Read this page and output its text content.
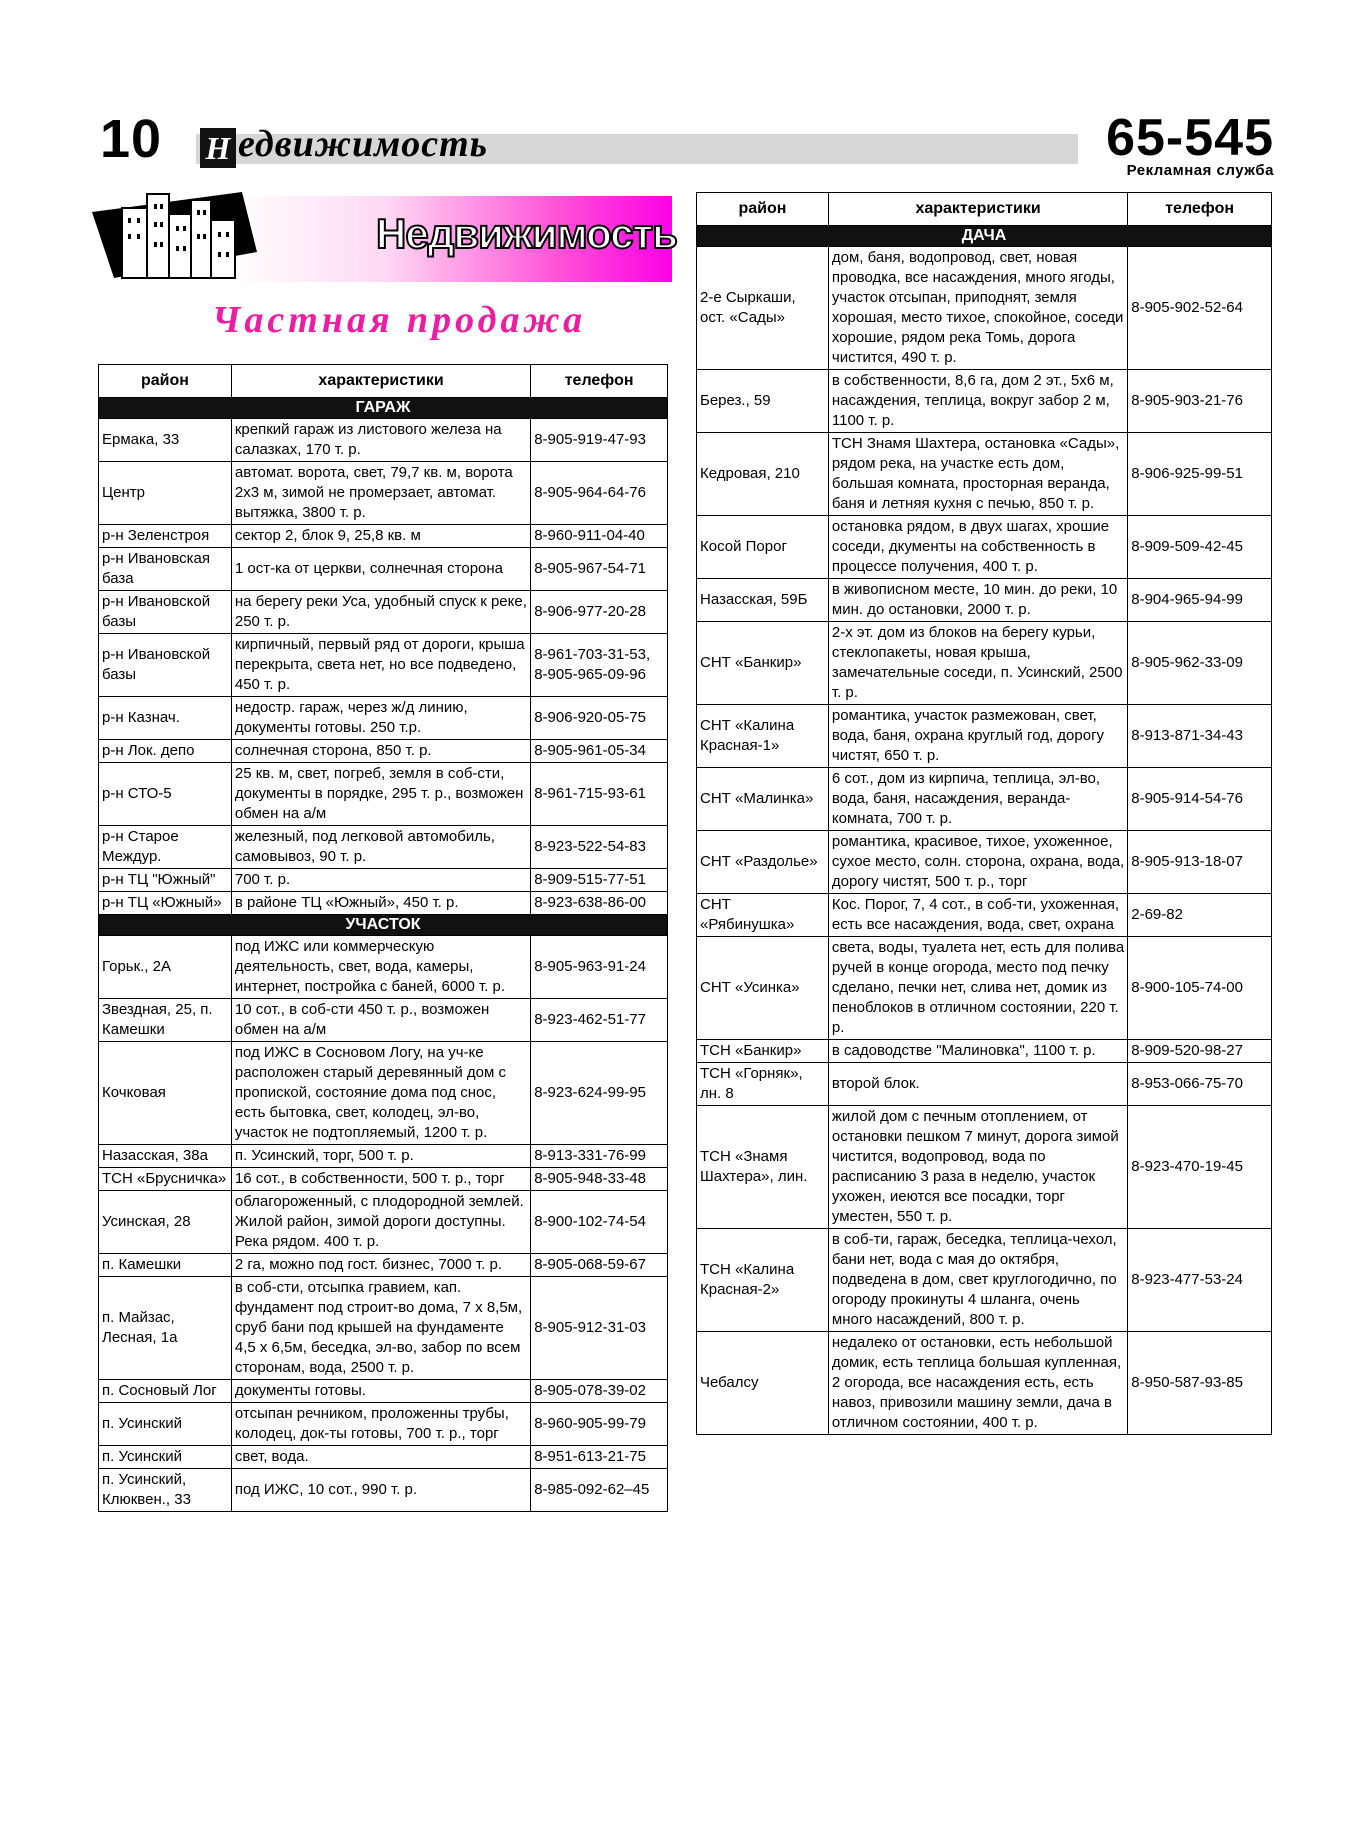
10 Н едвижимость	65-545
Рекламная служба
Недвижимость
Частная продажа
район	характеристики	телефон
ГАРАЖ		
Ермака, 33	крепкий гараж из листового железа на салазках, 170 т. р.	8-905-919-47-93
Центр	автомат. ворота, свет, 79,7 кв. м, ворота 2х3 м, зимой не промерзает, автомат. вытяжка, 3800 т. р.	8-905-964-64-76
р-н Зеленстроя	сектор 2, блок 9, 25,8 кв. м	8-960-911-04-40
р-н Ивановская база	1 ост-ка от церкви, солнечная сторона	8-905-967-54-71
р-н Ивановской базы	на берегу реки Уса, удобный спуск к реке, 250 т. р.	8-906-977-20-28
р-н Ивановской базы	кирпичный, первый ряд от дороги, крыша перекрыта, света нет, но все подведено, 450 т. р.	8-961-703-31-53, 8-905-965-09-96
р-н Казнач.	недостр. гараж, через ж/д линию, документы готовы. 250 т.р.	8-906-920-05-75
р-н Лок. депо	солнечная сторона, 850 т. р.	8-905-961-05-34
р-н СТО-5	25 кв. м, свет, погреб, земля в соб-сти, документы в порядке, 295 т. р., возможен обмен на а/м	8-961-715-93-61
р-н Старое Междур.	железный, под легковой автомобиль, самовывоз, 90 т. р.	8-923-522-54-83
р-н ТЦ "Южный"	700 т. р.	8-909-515-77-51
р-н ТЦ «Южный»	в районе ТЦ «Южный», 450 т. р.	8-923-638-86-00
УЧАСТОК		
Горьк., 2А	под ИЖС или коммерческую деятельность, свет, вода, камеры, интернет, постройка с баней, 6000 т. р.	8-905-963-91-24
Звездная, 25, п. Камешки	10 сот., в соб-сти 450 т. р., возможен обмен на а/м	8-923-462-51-77
Кочковая	под ИЖС в Сосновом Логу, на уч-ке расположен старый деревянный дом с пропиской, состояние дома под снос, есть бытовка, свет, колодец, эл-во, участок не подтопляемый, 1200 т. р.	8-923-624-99-95
Назасская, 38а	п. Усинский, торг, 500 т. р.	8-913-331-76-99
ТСН «Брусничка»	16 сот., в собственности, 500 т. р., торг	8-905-948-33-48
Усинская, 28	облагороженный, с плодородной землей. Жилой район, зимой дороги доступны. Река рядом. 400 т. р.	8-900-102-74-54
п. Камешки	2 га, можно под гост. бизнес, 7000 т. р.	8-905-068-59-67
п. Майзас, Лесная, 1а	в соб-сти, отсыпка гравием, кап. фундамент под строит-во дома, 7 х 8,5м, сруб бани под крышей на фундаменте 4,5 х 6,5м, беседка, эл-во, забор по всем сторонам, вода, 2500 т. р.	8-905-912-31-03
п. Сосновый Лог	документы готовы.	8-905-078-39-02
п. Усинский	отсыпан речником, проложенны трубы, колодец, док-ты готовы, 700 т. р., торг	8-960-905-99-79
п. Усинский	свет, вода.	8-951-613-21-75
п. Усинский, Клюквен., 33	под ИЖС, 10 сот., 990 т. р.	8-985-092-62–45
район	характеристики	телефон
ДАЧА		
2-е Сыркаши, ост. «Сады»	дом, баня, водопровод, свет, новая проводка, все насаждения, много ягоды, участок отсыпан, приподнят, земля хорошая, место тихое, спокойное, соседи хорошие, рядом река Томь, дорога чистится, 490 т. р.	8-905-902-52-64
Берез., 59	в собственности, 8,6 га, дом 2 эт., 5х6 м, насаждения, теплица, вокруг забор 2 м, 1100 т. р.	8-905-903-21-76
Кедровая, 210	ТСН Знамя Шахтера, остановка «Сады», рядом река, на участке есть дом, большая комната, просторная веранда, баня и летняя кухня с печью, 850 т. р.	8-906-925-99-51
Косой Порог	остановка рядом, в двух шагах, хрошие соседи, дкументы на собственность в процессе получения, 400 т. р.	8-909-509-42-45
Назасская, 59Б	в живописном месте, 10 мин. до реки, 10 мин. до остановки, 2000 т. р.	8-904-965-94-99
СНТ «Банкир»	2-х эт. дом из блоков на берегу курьи, стеклопакеты, новая крыша, замечательные соседи, п. Усинский, 2500 т. р.	8-905-962-33-09
СНТ «Калина Красная-1»	романтика, участок размежован, свет, вода, баня, охрана круглый год, дорогу чистят, 650 т. р.	8-913-871-34-43
СНТ «Малинка»	6 сот., дом из кирпича, теплица, эл-во, вода, баня, насаждения, веранда-комната, 700 т. р.	8-905-914-54-76
СНТ «Раздолье»	романтика, красивое, тихое, ухоженное, сухое место, солн. сторона, охрана, вода, дорогу чистят, 500 т. р., торг	8-905-913-18-07
СНТ «Рябинушка»	Кос. Порог, 7, 4 сот., в соб-ти, ухоженная, есть все насаждения, вода, свет, охрана	2-69-82
СНТ «Усинка»	света, воды, туалета нет, есть для полива ручей в конце огорода, место под печку сделано, печки нет, слива нет, домик из пеноблоков в отличном состоянии, 220 т. р.	8-900-105-74-00
ТСН «Банкир»	в садоводстве "Малиновка", 1100 т. р.	8-909-520-98-27
ТСН «Горняк», лн. 8	второй блок.	8-953-066-75-70
ТСН «Знамя Шахтера», лин.	жилой дом с печным отоплением, от остановки пешком 7 минут, дорога зимой чистится, водопровод, вода по расписанию 3 раза в неделю, участок ухожен, иеются все посадки, торг уместен, 550 т. р.	8-923-470-19-45
ТСН «Калина Красная-2»	в соб-ти, гараж, беседка, теплица-чехол, бани нет, вода с мая до октября, подведена в дом, свет круглогодично, по огороду прокинуты 4 шланга, очень много насаждений, 800 т. р.	8-923-477-53-24
Чебалсу	недалеко от остановки, есть небольшой домик, есть теплица большая купленная, 2 огорода, все насаждения есть, есть навоз, привозили машину земли, дача в отличном состоянии, 400 т. р.	8-950-587-93-85
